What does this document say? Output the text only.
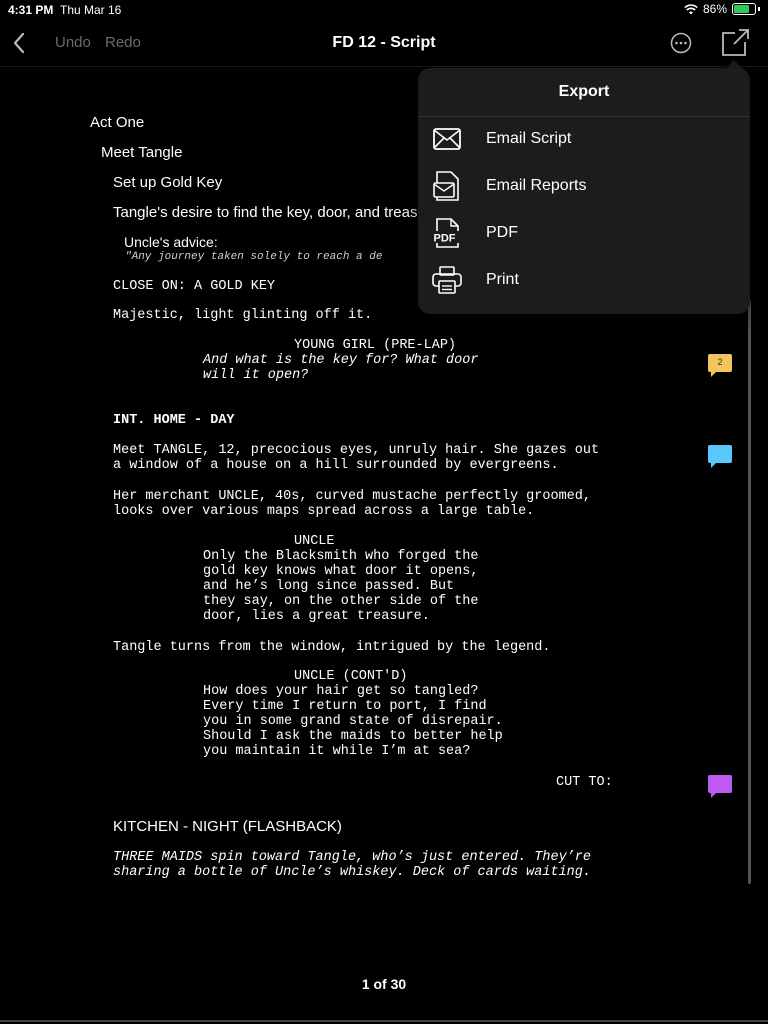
4:31 PM Thu Mar 16	86%
Undo Redo	FD 12 - Script
Act One
Meet Tangle
Set up Gold Key
Tangle's desire to find the key, door, and treas
Uncle's advice:
"Any journey taken solely to reach a de
CLOSE ON: A GOLD KEY
Majestic, light glinting off it.
YOUNG GIRL (PRE-LAP)
And what is the key for? What door
will it open?
INT. HOME - DAY
Meet TANGLE, 12, precocious eyes, unruly hair. She gazes out
a window of a house on a hill surrounded by evergreens.
Her merchant UNCLE, 40s, curved mustache perfectly groomed,
looks over various maps spread across a large table.
UNCLE
Only the Blacksmith who forged the
gold key knows what door it opens,
and he’s long since passed. But
they say, on the other side of the
door, lies a great treasure.
Tangle turns from the window, intrigued by the legend.
UNCLE (CONT'D)
How does your hair get so tangled?
Every time I return to port, I find
you in some grand state of disrepair.
Should I ask the maids to better help
you maintain it while I’m at sea?
CUT TO:
KITCHEN - NIGHT (FLASHBACK)
THREE MAIDS spin toward Tangle, who’s just entered. They’re
sharing a bottle of Uncle’s whiskey. Deck of cards waiting.
2
1 of 30
Export
Email Script
Email Reports
PDF PDF
Print
